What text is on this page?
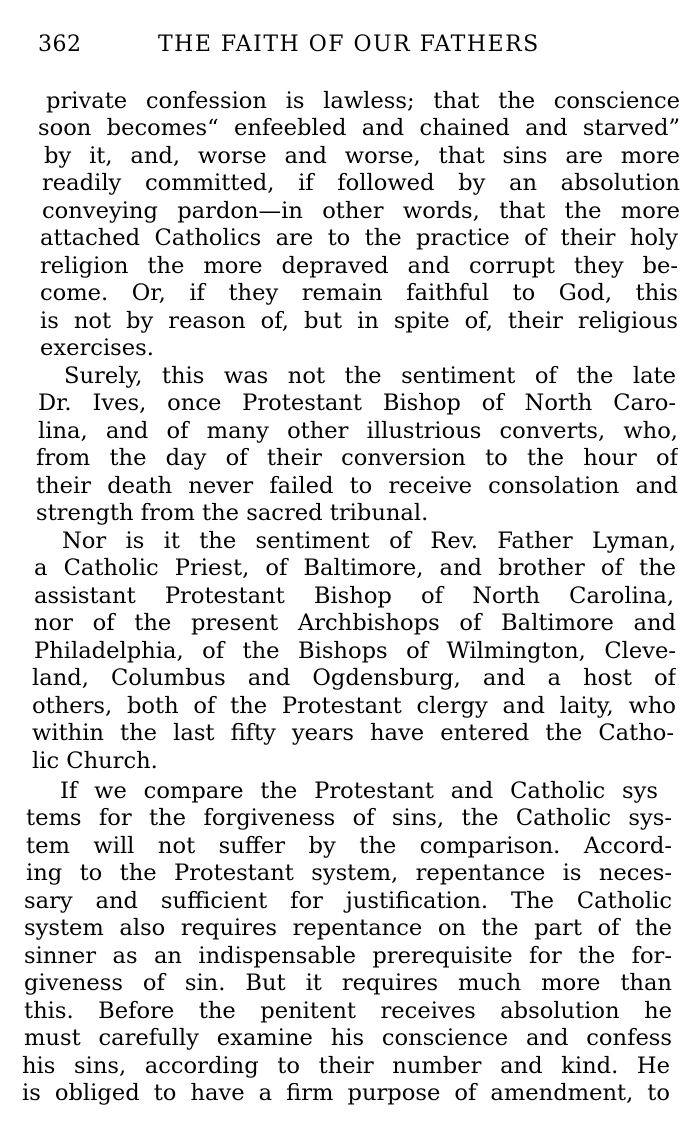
362	THE FAITH OF OUR FATHERS
private confession is lawless; that the conscience
soon becomes“ enfeebled and chained and starved”
by it, and, worse and worse, that sins are more
readily committed, if followed by an absolution
conveying pardon—in other words, that the more
attached Catholics are to the practice of their holy
religion the more depraved and corrupt they be-
come. Or, if they remain faithful to God, this
is not by reason of, but in spite of, their religious
exercises.
Surely, this was not the sentiment of the late
Dr. Ives, once Protestant Bishop of North Caro-
lina, and of many other illustrious converts, who,
from the day of their conversion to the hour of
their death never failed to receive consolation and
strength from the sacred tribunal.
Nor is it the sentiment of Rev. Father Lyman,
a Catholic Priest, of Baltimore, and brother of the
assistant Protestant Bishop of North Carolina,
nor of the present Archbishops of Baltimore and
Philadelphia, of the Bishops of Wilmington, Cleve-
land, Columbus and Ogdensburg, and a host of
others, both of the Protestant clergy and laity, who
within the last fifty years have entered the Catho-
lic Church.
If we compare the Protestant and Catholic sys
tems for the forgiveness of sins, the Catholic sys-
tem will not suffer by the comparison. Accord-
ing to the Protestant system, repentance is neces-
sary and sufficient for justification. The Catholic
system also requires repentance on the part of the
sinner as an indispensable prerequisite for the for-
giveness of sin. But it requires much more than
this. Before the penitent receives absolution he
must carefully examine his conscience and confess
his sins, according to their number and kind. He
is obliged to have a firm purpose of amendment, to
